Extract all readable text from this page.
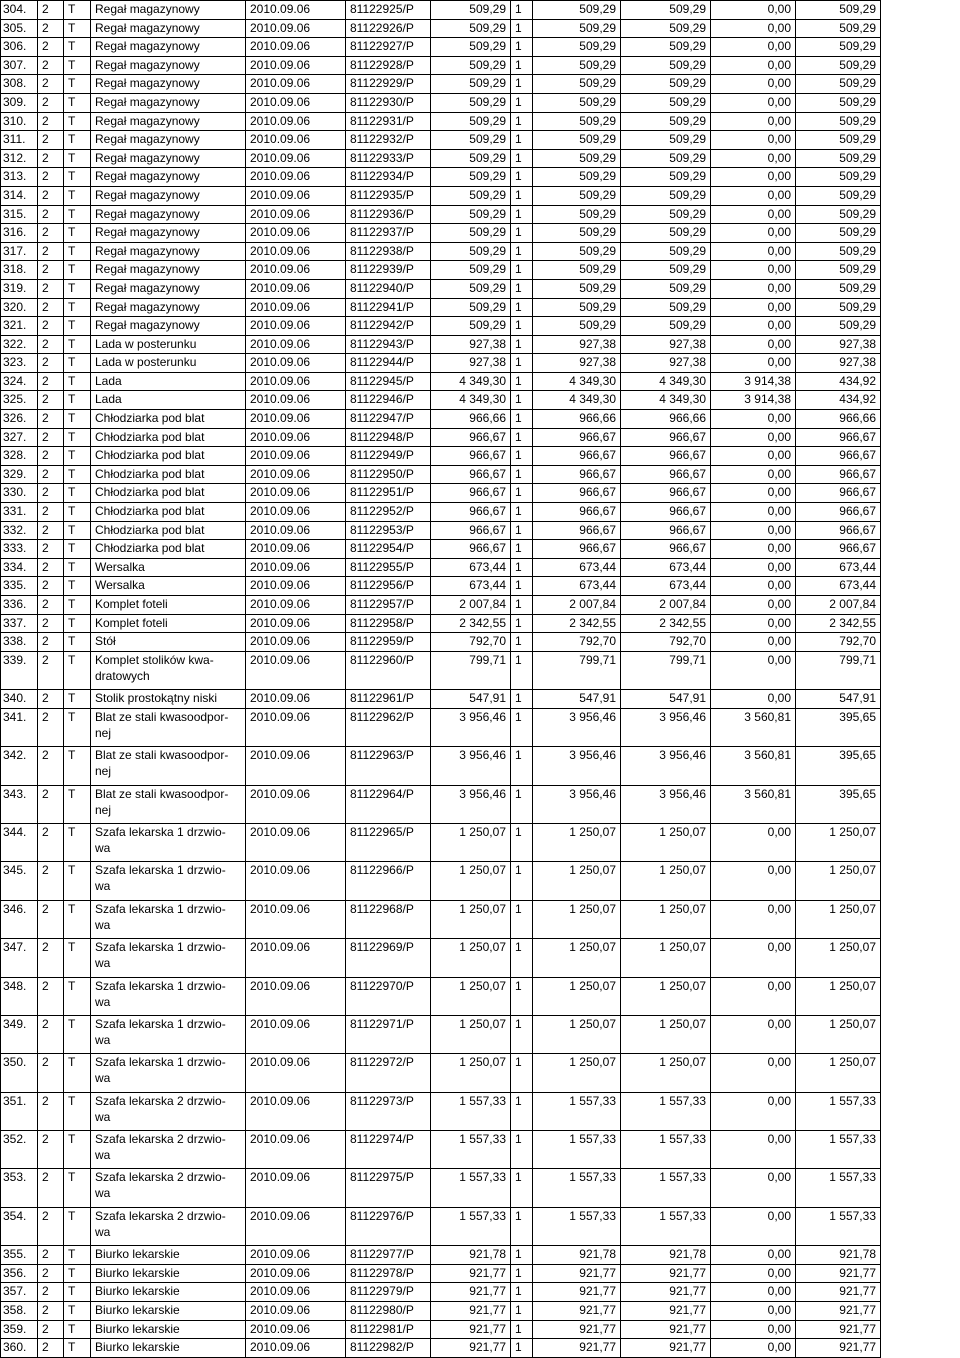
304.	2	T	Regał magazynowy	2010.09.06	81122925/P	509,29	1	509,29	509,29	0,00	509,29
305.	2	T	Regał magazynowy	2010.09.06	81122926/P	509,29	1	509,29	509,29	0,00	509,29
306.	2	T	Regał magazynowy	2010.09.06	81122927/P	509,29	1	509,29	509,29	0,00	509,29
307.	2	T	Regał magazynowy	2010.09.06	81122928/P	509,29	1	509,29	509,29	0,00	509,29
308.	2	T	Regał magazynowy	2010.09.06	81122929/P	509,29	1	509,29	509,29	0,00	509,29
309.	2	T	Regał magazynowy	2010.09.06	81122930/P	509,29	1	509,29	509,29	0,00	509,29
310.	2	T	Regał magazynowy	2010.09.06	81122931/P	509,29	1	509,29	509,29	0,00	509,29
311.	2	T	Regał magazynowy	2010.09.06	81122932/P	509,29	1	509,29	509,29	0,00	509,29
312.	2	T	Regał magazynowy	2010.09.06	81122933/P	509,29	1	509,29	509,29	0,00	509,29
313.	2	T	Regał magazynowy	2010.09.06	81122934/P	509,29	1	509,29	509,29	0,00	509,29
314.	2	T	Regał magazynowy	2010.09.06	81122935/P	509,29	1	509,29	509,29	0,00	509,29
315.	2	T	Regał magazynowy	2010.09.06	81122936/P	509,29	1	509,29	509,29	0,00	509,29
316.	2	T	Regał magazynowy	2010.09.06	81122937/P	509,29	1	509,29	509,29	0,00	509,29
317.	2	T	Regał magazynowy	2010.09.06	81122938/P	509,29	1	509,29	509,29	0,00	509,29
318.	2	T	Regał magazynowy	2010.09.06	81122939/P	509,29	1	509,29	509,29	0,00	509,29
319.	2	T	Regał magazynowy	2010.09.06	81122940/P	509,29	1	509,29	509,29	0,00	509,29
320.	2	T	Regał magazynowy	2010.09.06	81122941/P	509,29	1	509,29	509,29	0,00	509,29
321.	2	T	Regał magazynowy	2010.09.06	81122942/P	509,29	1	509,29	509,29	0,00	509,29
322.	2	T	Lada w posterunku	2010.09.06	81122943/P	927,38	1	927,38	927,38	0,00	927,38
323.	2	T	Lada w posterunku	2010.09.06	81122944/P	927,38	1	927,38	927,38	0,00	927,38
324.	2	T	Lada	2010.09.06	81122945/P	4 349,30	1	4 349,30	4 349,30	3 914,38	434,92
325.	2	T	Lada	2010.09.06	81122946/P	4 349,30	1	4 349,30	4 349,30	3 914,38	434,92
326.	2	T	Chłodziarka pod blat	2010.09.06	81122947/P	966,66	1	966,66	966,66	0,00	966,66
327.	2	T	Chłodziarka pod blat	2010.09.06	81122948/P	966,67	1	966,67	966,67	0,00	966,67
328.	2	T	Chłodziarka pod blat	2010.09.06	81122949/P	966,67	1	966,67	966,67	0,00	966,67
329.	2	T	Chłodziarka pod blat	2010.09.06	81122950/P	966,67	1	966,67	966,67	0,00	966,67
330.	2	T	Chłodziarka pod blat	2010.09.06	81122951/P	966,67	1	966,67	966,67	0,00	966,67
331.	2	T	Chłodziarka pod blat	2010.09.06	81122952/P	966,67	1	966,67	966,67	0,00	966,67
332.	2	T	Chłodziarka pod blat	2010.09.06	81122953/P	966,67	1	966,67	966,67	0,00	966,67
333.	2	T	Chłodziarka pod blat	2010.09.06	81122954/P	966,67	1	966,67	966,67	0,00	966,67
334.	2	T	Wersalka	2010.09.06	81122955/P	673,44	1	673,44	673,44	0,00	673,44
335.	2	T	Wersalka	2010.09.06	81122956/P	673,44	1	673,44	673,44	0,00	673,44
336.	2	T	Komplet foteli	2010.09.06	81122957/P	2 007,84	1	2 007,84	2 007,84	0,00	2 007,84
337.	2	T	Komplet foteli	2010.09.06	81122958/P	2 342,55	1	2 342,55	2 342,55	0,00	2 342,55
338.	2	T	Stół	2010.09.06	81122959/P	792,70	1	792,70	792,70	0,00	792,70
339.	2	T	Komplet stolików kwa-dratowych	2010.09.06	81122960/P	799,71	1	799,71	799,71	0,00	799,71
340.	2	T	Stolik prostokątny niski	2010.09.06	81122961/P	547,91	1	547,91	547,91	0,00	547,91
341.	2	T	Blat ze stali kwasoodpor-nej	2010.09.06	81122962/P	3 956,46	1	3 956,46	3 956,46	3 560,81	395,65
342.	2	T	Blat ze stali kwasoodpor-nej	2010.09.06	81122963/P	3 956,46	1	3 956,46	3 956,46	3 560,81	395,65
343.	2	T	Blat ze stali kwasoodpor-nej	2010.09.06	81122964/P	3 956,46	1	3 956,46	3 956,46	3 560,81	395,65
344.	2	T	Szafa lekarska 1 drzwio-wa	2010.09.06	81122965/P	1 250,07	1	1 250,07	1 250,07	0,00	1 250,07
345.	2	T	Szafa lekarska 1 drzwio-wa	2010.09.06	81122966/P	1 250,07	1	1 250,07	1 250,07	0,00	1 250,07
346.	2	T	Szafa lekarska 1 drzwio-wa	2010.09.06	81122968/P	1 250,07	1	1 250,07	1 250,07	0,00	1 250,07
347.	2	T	Szafa lekarska 1 drzwio-wa	2010.09.06	81122969/P	1 250,07	1	1 250,07	1 250,07	0,00	1 250,07
348.	2	T	Szafa lekarska 1 drzwio-wa	2010.09.06	81122970/P	1 250,07	1	1 250,07	1 250,07	0,00	1 250,07
349.	2	T	Szafa lekarska 1 drzwio-wa	2010.09.06	81122971/P	1 250,07	1	1 250,07	1 250,07	0,00	1 250,07
350.	2	T	Szafa lekarska 1 drzwio-wa	2010.09.06	81122972/P	1 250,07	1	1 250,07	1 250,07	0,00	1 250,07
351.	2	T	Szafa lekarska 2 drzwio-wa	2010.09.06	81122973/P	1 557,33	1	1 557,33	1 557,33	0,00	1 557,33
352.	2	T	Szafa lekarska 2 drzwio-wa	2010.09.06	81122974/P	1 557,33	1	1 557,33	1 557,33	0,00	1 557,33
353.	2	T	Szafa lekarska 2 drzwio-wa	2010.09.06	81122975/P	1 557,33	1	1 557,33	1 557,33	0,00	1 557,33
354.	2	T	Szafa lekarska 2 drzwio-wa	2010.09.06	81122976/P	1 557,33	1	1 557,33	1 557,33	0,00	1 557,33
355.	2	T	Biurko lekarskie	2010.09.06	81122977/P	921,78	1	921,78	921,78	0,00	921,78
356.	2	T	Biurko lekarskie	2010.09.06	81122978/P	921,77	1	921,77	921,77	0,00	921,77
357.	2	T	Biurko lekarskie	2010.09.06	81122979/P	921,77	1	921,77	921,77	0,00	921,77
358.	2	T	Biurko lekarskie	2010.09.06	81122980/P	921,77	1	921,77	921,77	0,00	921,77
359.	2	T	Biurko lekarskie	2010.09.06	81122981/P	921,77	1	921,77	921,77	0,00	921,77
360.	2	T	Biurko lekarskie	2010.09.06	81122982/P	921,77	1	921,77	921,77	0,00	921,77
